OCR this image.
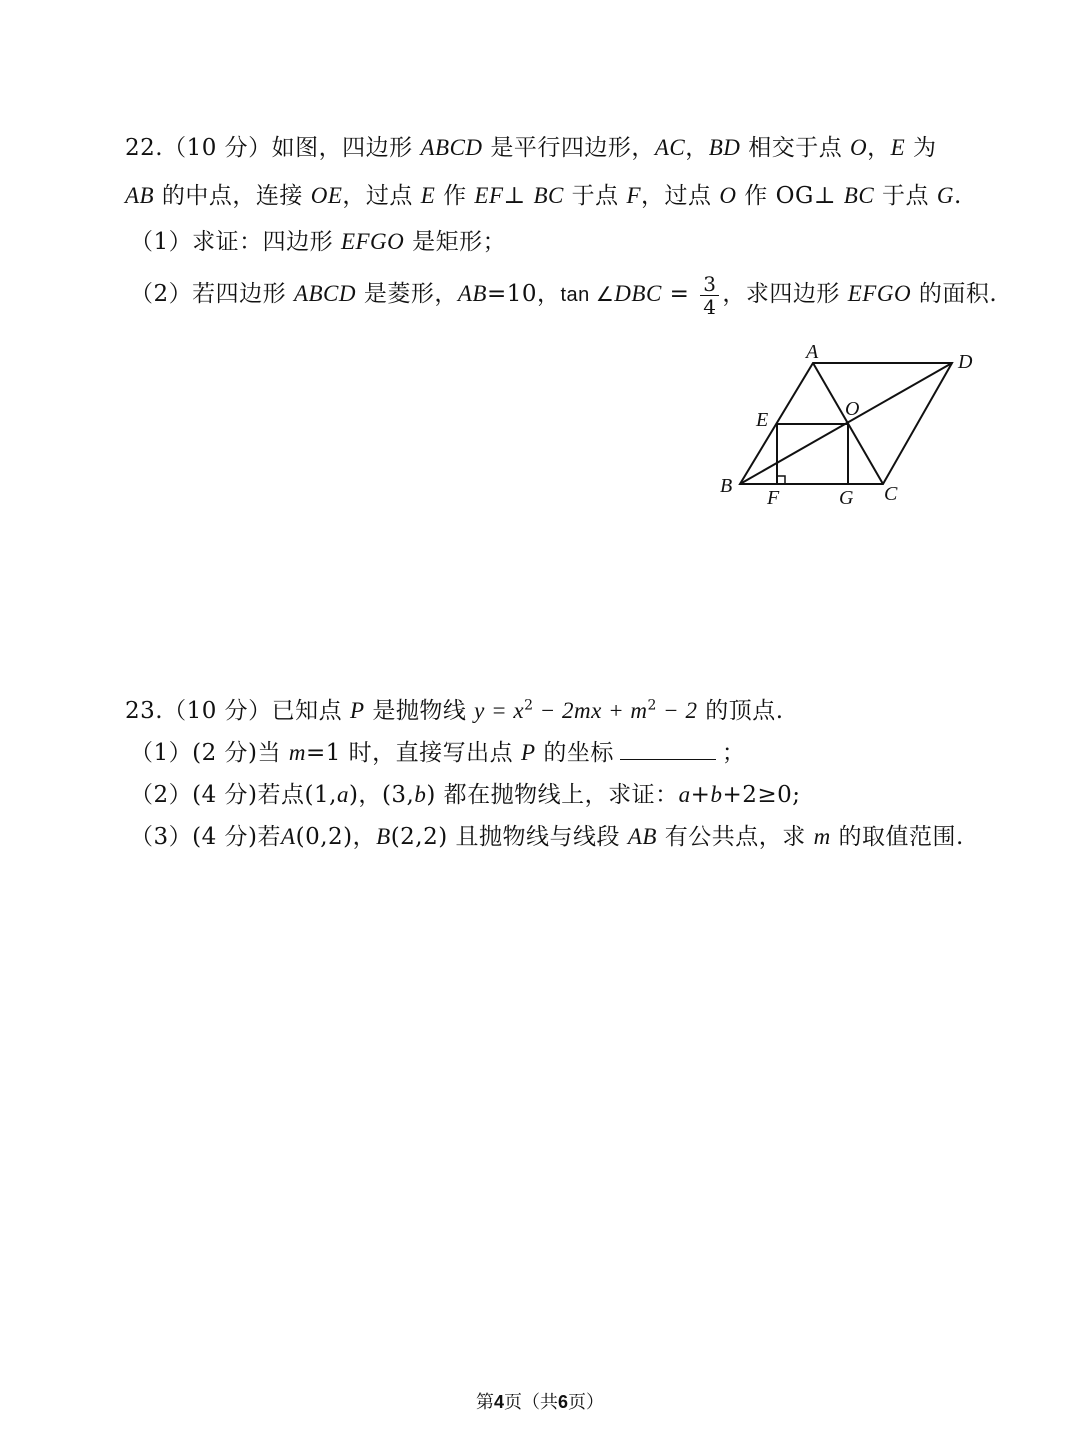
22.（10 分）如图，四边形 ABCD 是平行四边形，AC，BD 相交于点 O，E 为
AB 的中点，连接 OE，过点 E 作 EF⊥ BC 于点 F，过点 O 作 OG⊥ BC 于点 G.
（1）求证：四边形 EFGO 是矩形；
（2）若四边形 ABCD 是菱形，AB=10，tan ∠DBC = $\frac{3}{4}$ ，求四边形 EFGO 的面积.
A	D
E	O
B
F	G C
23.（10 分）已知点 P 是抛物线 $y = x^2 - 2mx + m^2 - 2$ 的顶点.
（1）(2 分)当 m=1 时，直接写出点 P 的坐标	；
（2）(4 分)若点(1,a)，(3,b) 都在抛物线上，求证：a+b+2≥0;
（3）(4 分)若A(0,2)，B(2,2) 且抛物线与线段 AB 有公共点，求 m 的取值范围.
第4页（共6页）
